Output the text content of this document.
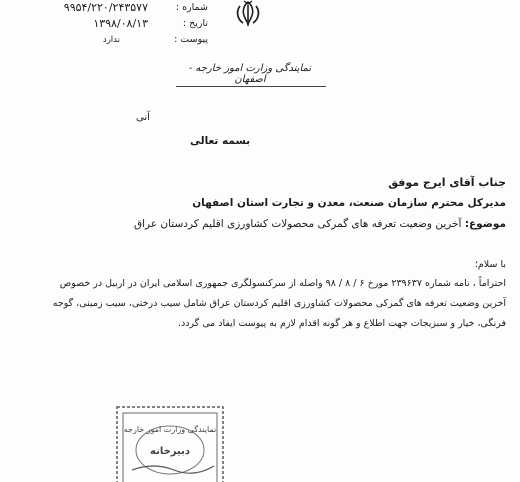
شماره :
تاریخ :
پیوست :
۹۹۵۴/۲۲۰/۲۴۳۵۷۷
۱۳۹۸/۰۸/۱۳
ندارد
نمایندگی وزارت امور خارجه - اصفهان
آنی
بسمه تعالی
جناب آقای ایرج موفق
مدیرکل محترم سازمان صنعت، معدن و تجارت استان اصفهان
موضوع: آخرین وضعیت تعرفه های گمرکی محصولات کشاورزی اقلیم کردستان عراق
با سلام؛
احتراماً ، نامه شماره ۲۳۹۶۳۷ مورخ ۶ / ۸ / ۹۸ واصله از سرکنسولگری جمهوری اسلامی ایران در اربیل در خصوص
آخرین وضعیت تعرفه های گمرکی محصولات کشاورزی اقلیم کردستان عراق شامل سیب درختی، سیب زمینی، گوجه
فرنگی، خیار و سبزیجات جهت اطلاع و هر گونه اقدام لازم به پیوست ایفاد می گردد.
نمایندگی وزارت امور خارجه
دبیرخانه
